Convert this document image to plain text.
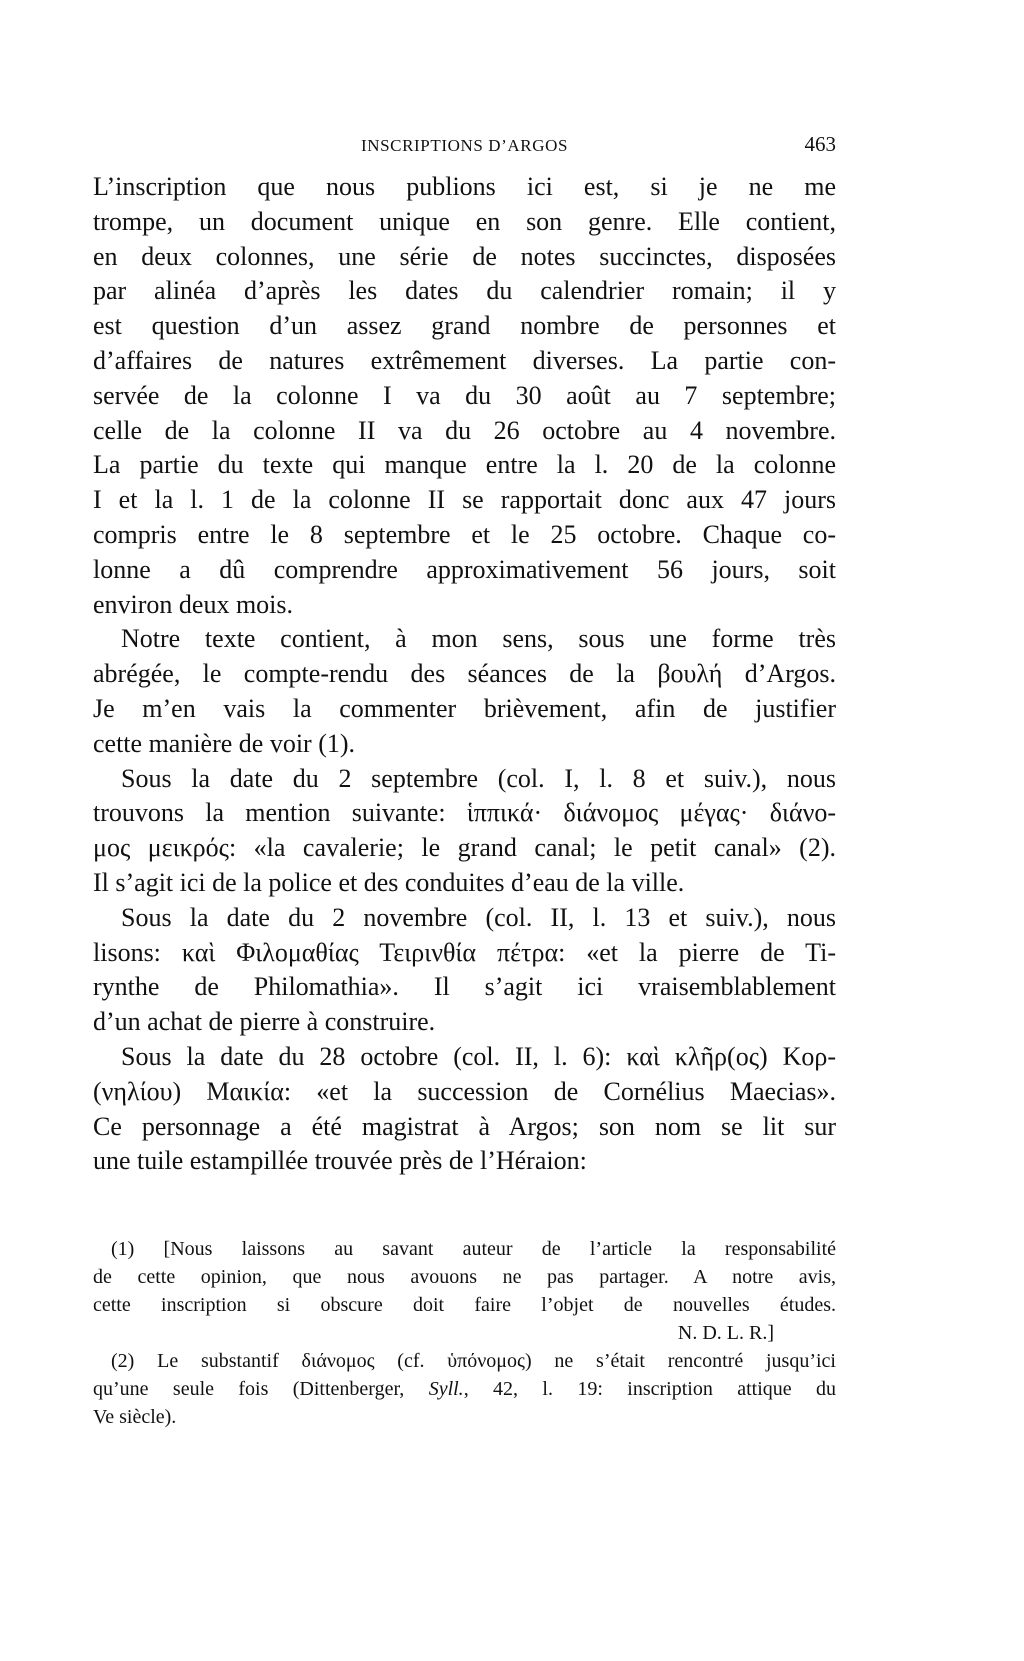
INSCRIPTIONS D’ARGOS	463
L’inscription que nous publions ici est, si je ne me
trompe, un document unique en son genre. Elle contient,
en deux colonnes, une série de notes succinctes, disposées
par alinéa d’après les dates du calendrier romain; il y
est question d’un assez grand nombre de personnes et
d’affaires de natures extrêmement diverses. La partie con-
servée de la colonne I va du 30 août au 7 septembre;
celle de la colonne II va du 26 octobre au 4 novembre.
La partie du texte qui manque entre la l. 20 de la colonne
I et la l. 1 de la colonne II se rapportait donc aux 47 jours
compris entre le 8 septembre et le 25 octobre. Chaque co-
lonne a dû comprendre approximativement 56 jours, soit
environ deux mois.
Notre texte contient, à mon sens, sous une forme très
abrégée, le compte-rendu des séances de la βουλή d’Argos.
Je m’en vais la commenter brièvement, afin de justifier
cette manière de voir (1).
Sous la date du 2 septembre (col. I, l. 8 et suiv.), nous
trouvons la mention suivante: ἱππικά· διάνομος μέγας· διάνο-
μος μεικρός: «la cavalerie; le grand canal; le petit canal» (2).
Il s’agit ici de la police et des conduites d’eau de la ville.
Sous la date du 2 novembre (col. II, l. 13 et suiv.), nous
lisons: καὶ Φιλομαθίας Τειρινθία πέτρα: «et la pierre de Ti-
rynthe de Philomathia». Il s’agit ici vraisemblablement
d’un achat de pierre à construire.
Sous la date du 28 octobre (col. II, l. 6): καὶ κλῆρ(ος) Κορ-
(νηλίου) Μαικία: «et la succession de Cornélius Maecias».
Ce personnage a été magistrat à Argos; son nom se lit sur
une tuile estampillée trouvée près de l’Héraion:
(1) [Nous laissons au savant auteur de l’article la responsabilité
de cette opinion, que nous avouons ne pas partager. A notre avis,
cette inscription si obscure doit faire l’objet de nouvelles études.
N. D. L. R.]
(2) Le substantif διάνομος (cf. ὑπόνομος) ne s’était rencontré jusqu’ici
qu’une seule fois (Dittenberger, Syll., 42, l. 19: inscription attique du
Ve siècle).
